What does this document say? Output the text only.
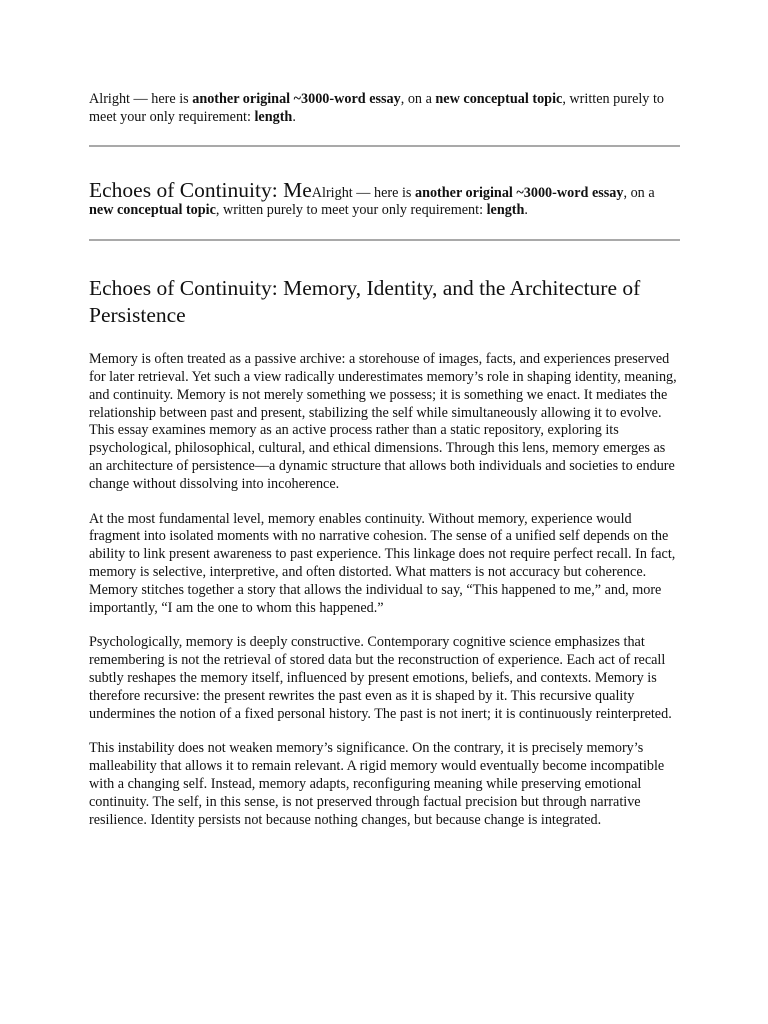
Alright — here is another original ~3000-word essay, on a new conceptual topic, written purely to meet your only requirement: length.

Echoes of Continuity: MeAlright — here is another original ~3000-word essay, on a new conceptual topic, written purely to meet your only requirement: length.

Echoes of Continuity: Memory, Identity, and the Architecture of Persistence

Memory is often treated as a passive archive: a storehouse of images, facts, and experiences preserved for later retrieval. Yet such a view radically underestimates memory’s role in shaping identity, meaning, and continuity. Memory is not merely something we possess; it is something we enact. It mediates the relationship between past and present, stabilizing the self while simultaneously allowing it to evolve. This essay examines memory as an active process rather than a static repository, exploring its psychological, philosophical, cultural, and ethical dimensions. Through this lens, memory emerges as an architecture of persistence—a dynamic structure that allows both individuals and societies to endure change without dissolving into incoherence.

At the most fundamental level, memory enables continuity. Without memory, experience would fragment into isolated moments with no narrative cohesion. The sense of a unified self depends on the ability to link present awareness to past experience. This linkage does not require perfect recall. In fact, memory is selective, interpretive, and often distorted. What matters is not accuracy but coherence. Memory stitches together a story that allows the individual to say, “This happened to me,” and, more importantly, “I am the one to whom this happened.”

Psychologically, memory is deeply constructive. Contemporary cognitive science emphasizes that remembering is not the retrieval of stored data but the reconstruction of experience. Each act of recall subtly reshapes the memory itself, influenced by present emotions, beliefs, and contexts. Memory is therefore recursive: the present rewrites the past even as it is shaped by it. This recursive quality undermines the notion of a fixed personal history. The past is not inert; it is continuously reinterpreted.

This instability does not weaken memory’s significance. On the contrary, it is precisely memory’s malleability that allows it to remain relevant. A rigid memory would eventually become incompatible with a changing self. Instead, memory adapts, reconfiguring meaning while preserving emotional continuity. The self, in this sense, is not preserved through factual precision but through narrative resilience. Identity persists not because nothing changes, but because change is integrated.
